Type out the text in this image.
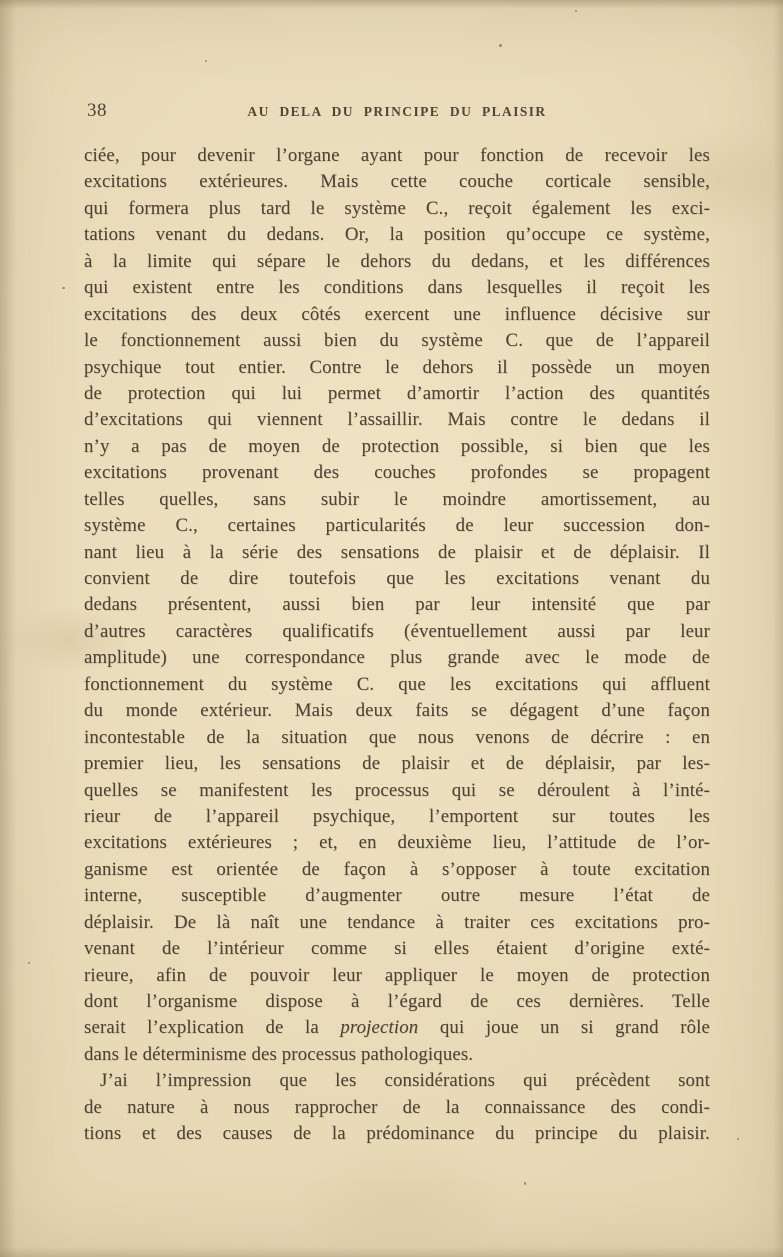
38	AU DELA DU PRINCIPE DU PLAISIR
ciée, pour devenir l’organe ayant pour fonction de recevoir les
excitations extérieures. Mais cette couche corticale sensible,
qui formera plus tard le système C., reçoit également les exci-
tations venant du dedans. Or, la position qu’occupe ce système,
à la limite qui sépare le dehors du dedans, et les différences
qui existent entre les conditions dans lesquelles il reçoit les
excitations des deux côtés exercent une influence décisive sur
le fonctionnement aussi bien du système C. que de l’appareil
psychique tout entier. Contre le dehors il possède un moyen
de protection qui lui permet d’amortir l’action des quantités
d’excitations qui viennent l’assaillir. Mais contre le dedans il
n’y a pas de moyen de protection possible, si bien que les
excitations provenant des couches profondes se propagent
telles quelles, sans subir le moindre amortissement, au
système C., certaines particularités de leur succession don-
nant lieu à la série des sensations de plaisir et de déplaisir. Il
convient de dire toutefois que les excitations venant du
dedans présentent, aussi bien par leur intensité que par
d’autres caractères qualificatifs (éventuellement aussi par leur
amplitude) une correspondance plus grande avec le mode de
fonctionnement du système C. que les excitations qui affluent
du monde extérieur. Mais deux faits se dégagent d’une façon
incontestable de la situation que nous venons de décrire : en
premier lieu, les sensations de plaisir et de déplaisir, par les-
quelles se manifestent les processus qui se déroulent à l’inté-
rieur de l’appareil psychique, l’emportent sur toutes les
excitations extérieures ; et, en deuxième lieu, l’attitude de l’or-
ganisme est orientée de façon à s’opposer à toute excitation
interne, susceptible d’augmenter outre mesure l’état de
déplaisir. De là naît une tendance à traiter ces excitations pro-
venant de l’intérieur comme si elles étaient d’origine exté-
rieure, afin de pouvoir leur appliquer le moyen de protection
dont l’organisme dispose à l’égard de ces dernières. Telle
serait l’explication de la projection qui joue un si grand rôle
dans le déterminisme des processus pathologiques.
J’ai l’impression que les considérations qui précèdent sont
de nature à nous rapprocher de la connaissance des condi-
tions et des causes de la prédominance du principe du plaisir.
